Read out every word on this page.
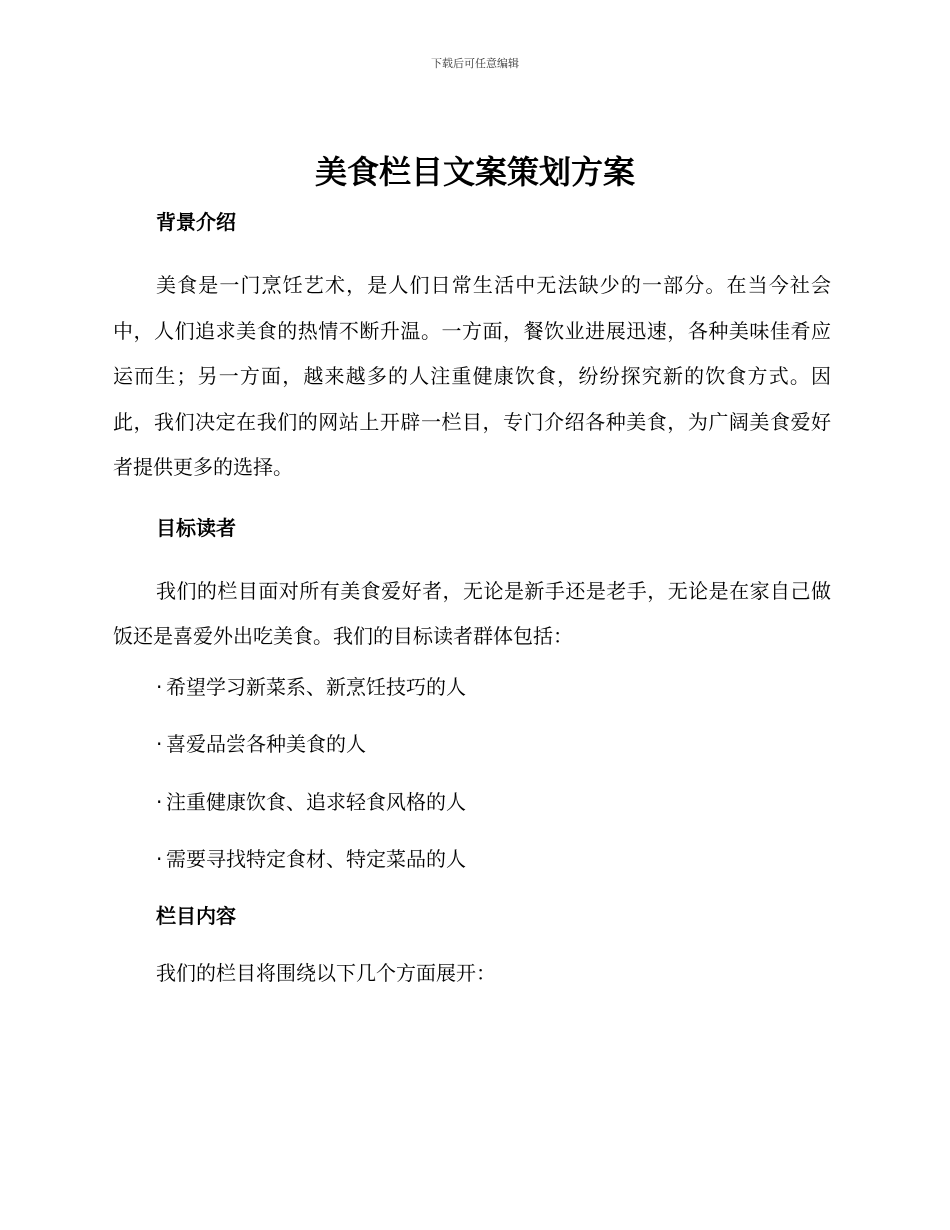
下载后可任意编辑
美食栏目文案策划方案
背景介绍

美食是一门烹饪艺术，是人们日常生活中无法缺少的一部分。在当今社会中，人们追求美食的热情不断升温。一方面，餐饮业进展迅速，各种美味佳肴应运而生；另一方面，越来越多的人注重健康饮食，纷纷探究新的饮食方式。因此，我们决定在我们的网站上开辟一栏目，专门介绍各种美食，为广阔美食爱好者提供更多的选择。

目标读者

我们的栏目面对所有美食爱好者，无论是新手还是老手，无论是在家自己做饭还是喜爱外出吃美食。我们的目标读者群体包括：

· 希望学习新菜系、新烹饪技巧的人
· 喜爱品尝各种美食的人
· 注重健康饮食、追求轻食风格的人
· 需要寻找特定食材、特定菜品的人
栏目内容

我们的栏目将围绕以下几个方面展开：
